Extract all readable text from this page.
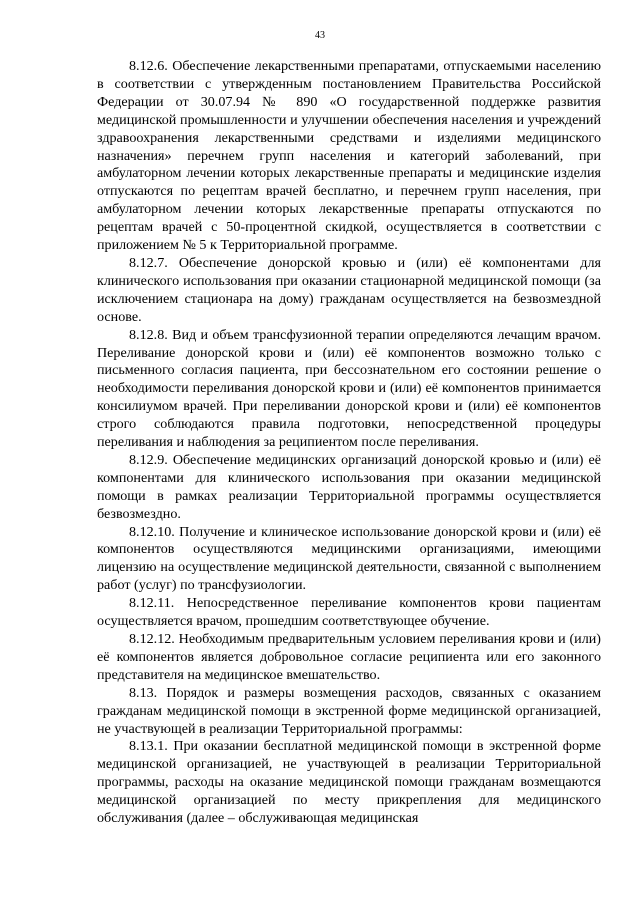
43

8.12.6. Обеспечение лекарственными препаратами, отпускаемыми населению в соответствии с утвержденным постановлением Правительства Российской Федерации от 30.07.94 № 890 «О государственной поддержке развития медицинской промышленности и улучшении обеспечения населения и учреждений здравоохранения лекарственными средствами и изделиями медицинского назначения» перечнем групп населения и категорий заболеваний, при амбулаторном лечении которых лекарственные препараты и медицинские изделия отпускаются по рецептам врачей бесплатно, и перечнем групп населения, при амбулаторном лечении которых лекарственные препараты отпускаются по рецептам врачей с 50-процентной скидкой, осуществляется в соответствии с приложением № 5 к Территориальной программе.

8.12.7. Обеспечение донорской кровью и (или) её компонентами для клинического использования при оказании стационарной медицинской помощи (за исключением стационара на дому) гражданам осуществляется на безвозмездной основе.

8.12.8. Вид и объем трансфузионной терапии определяются лечащим врачом. Переливание донорской крови и (или) её компонентов возможно только с письменного согласия пациента, при бессознательном его состоянии решение о необходимости переливания донорской крови и (или) её компонентов принимается консилиумом врачей. При переливании донорской крови и (или) её компонентов строго соблюдаются правила подготовки, непосредственной процедуры переливания и наблюдения за реципиентом после переливания.

8.12.9. Обеспечение медицинских организаций донорской кровью и (или) её компонентами для клинического использования при оказании медицинской помощи в рамках реализации Территориальной программы осуществляется безвозмездно.

8.12.10. Получение и клиническое использование донорской крови и (или) её компонентов осуществляются медицинскими организациями, имеющими лицензию на осуществление медицинской деятельности, связанной с выполнением работ (услуг) по трансфузиологии.

8.12.11. Непосредственное переливание компонентов крови пациентам осуществляется врачом, прошедшим соответствующее обучение.

8.12.12. Необходимым предварительным условием переливания крови и (или) её компонентов является добровольное согласие реципиента или его законного представителя на медицинское вмешательство.

8.13. Порядок и размеры возмещения расходов, связанных с оказанием гражданам медицинской помощи в экстренной форме медицинской организацией, не участвующей в реализации Территориальной программы:

8.13.1. При оказании бесплатной медицинской помощи в экстренной форме медицинской организацией, не участвующей в реализации Территориальной программы, расходы на оказание медицинской помощи гражданам возмещаются медицинской организацией по месту прикрепления для медицинского обслуживания (далее – обслуживающая медицинская
